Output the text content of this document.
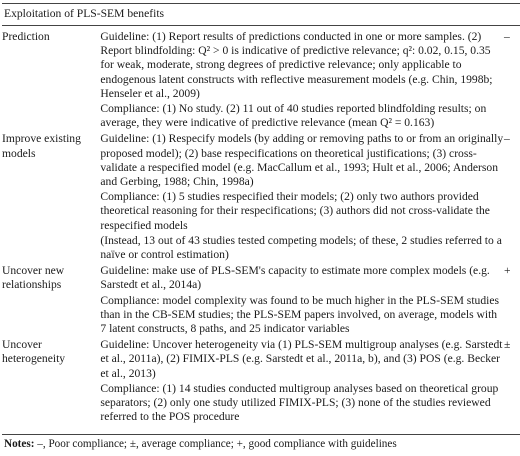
Exploitation of PLS-SEM benefits
Prediction	Guideline: (1) Report results of predictions conducted in one or more samples. (2) Report blindfolding: Q² > 0 is indicative of predictive relevance; q²: 0.02, 0.15, 0.35 for weak, moderate, strong degrees of predictive relevance; only applicable to endogenous latent constructs with reflective measurement models (e.g. Chin, 1998b; Henseler et al., 2009)

Compliance: (1) No study. (2) 11 out of 40 studies reported blindfolding results; on average, they were indicative of predictive relevance (mean Q² = 0.163)	–
Improve existing models	Guideline: (1) Respecify models (by adding or removing paths to or from an originally proposed model); (2) base respecifications on theoretical justifications; (3) cross-validate a respecified model (e.g. MacCallum et al., 1993; Hult et al., 2006; Anderson and Gerbing, 1988; Chin, 1998a)

Compliance: (1) 5 studies respecified their models; (2) only two authors provided theoretical reasoning for their respecifications; (3) authors did not cross-validate the respecified models

(Instead, 13 out of 43 studies tested competing models; of these, 2 studies referred to a naïve or control estimation)	–
Uncover new relationships	Guideline: make use of PLS-SEM's capacity to estimate more complex models (e.g. Sarstedt et al., 2014a)

Compliance: model complexity was found to be much higher in the PLS-SEM studies than in the CB-SEM studies; the PLS-SEM papers involved, on average, models with 7 latent constructs, 8 paths, and 25 indicator variables	+
Uncover heterogeneity	Guideline: Uncover heterogeneity via (1) PLS-SEM multigroup analyses (e.g. Sarstedt et al., 2011a), (2) FIMIX-PLS (e.g. Sarstedt et al., 2011a, b), and (3) POS (e.g. Becker et al., 2013)

Compliance: (1) 14 studies conducted multigroup analyses based on theoretical group separators; (2) only one study utilized FIMIX-PLS; (3) none of the studies reviewed referred to the POS procedure	±
Notes: –, Poor compliance; ±, average compliance; +, good compliance with guidelines
